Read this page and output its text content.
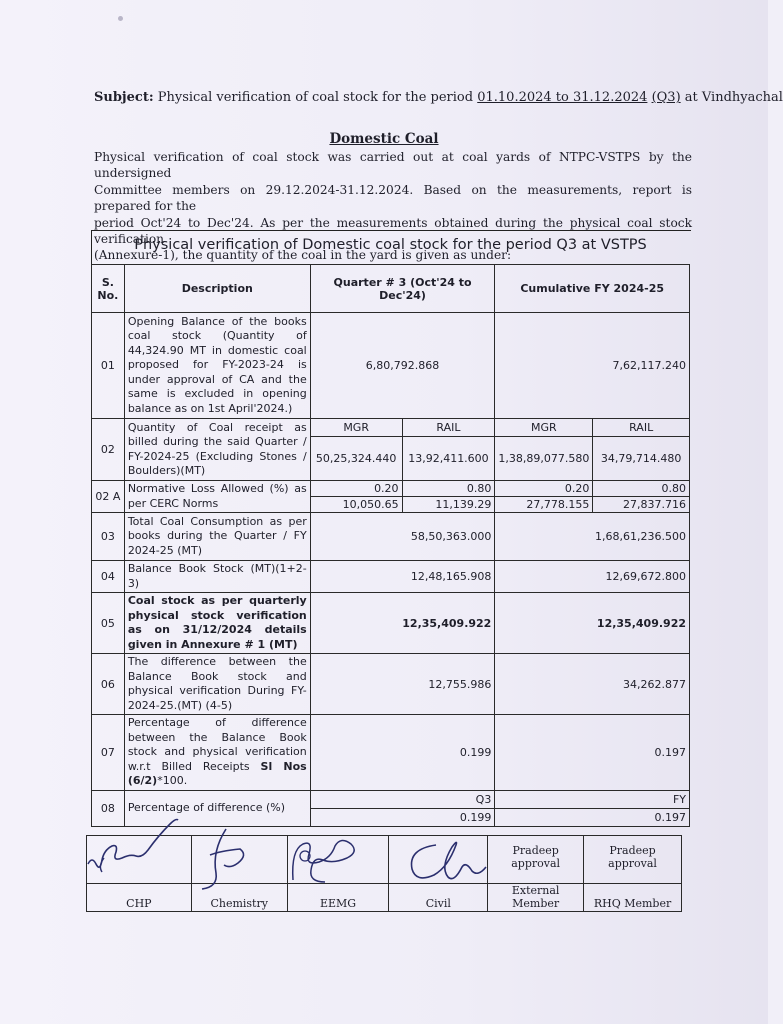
Subject: Physical verification of coal stock for the period 01.10.2024 to 31.12.2024 (Q3) at Vindhyachal
Domestic Coal
Physical verification of coal stock was carried out at coal yards of NTPC-VSTPS by the undersigned
Committee members on 29.12.2024-31.12.2024. Based on the measurements, report is prepared for the
period Oct'24 to Dec'24. As per the measurements obtained during the physical coal stock verification
(Annexure-1), the quantity of the coal in the yard is given as under:
Physical verification of Domestic coal stock for the period Q3 at VSTPS
S. No.	Description	Quarter # 3 (Oct'24 to Dec'24)		Cumulative FY 2024-25	
01	Opening Balance of the books coal stock (Quantity of 44,324.90 MT in domestic coal proposed for FY-2023-24 is under approval of CA and the same is excluded in opening balance as on 1st April'2024.)	6,80,792.868		7,62,117.240	
02	Quantity of Coal receipt as billed during the said Quarter / FY-2024-25 (Excluding Stones / Boulders)(MT)	MGR	RAIL	MGR	RAIL
		50,25,324.440	13,92,411.600	1,38,89,077.580	34,79,714.480
02 A	Normative Loss Allowed (%) as per CERC Norms	0.20	0.80	0.20	0.80
		10,050.65	11,139.29	27,778.155	27,837.716
03	Total Coal Consumption as per books during the Quarter / FY 2024-25 (MT)	58,50,363.000		1,68,61,236.500	
04	Balance Book Stock (MT)(1+2-3)	12,48,165.908		12,69,672.800	
05	Coal stock as per quarterly physical stock verification as on 31/12/2024 details given in Annexure # 1 (MT)	12,35,409.922		12,35,409.922	
06	The difference between the Balance Book stock and physical verification During FY-2024-25.(MT) (4-5)	12,755.986		34,262.877	
07	Percentage of difference between the Balance Book stock and physical verification w.r.t Billed Receipts Sl Nos (6/2)*100.	0.199		0.197	
08	Percentage of difference (%)	Q3		FY	
		0.199		0.197	
				Pradeep approval	Pradeep approval
CHP	Chemistry	EEMG	Civil	External Member	RHQ Member
